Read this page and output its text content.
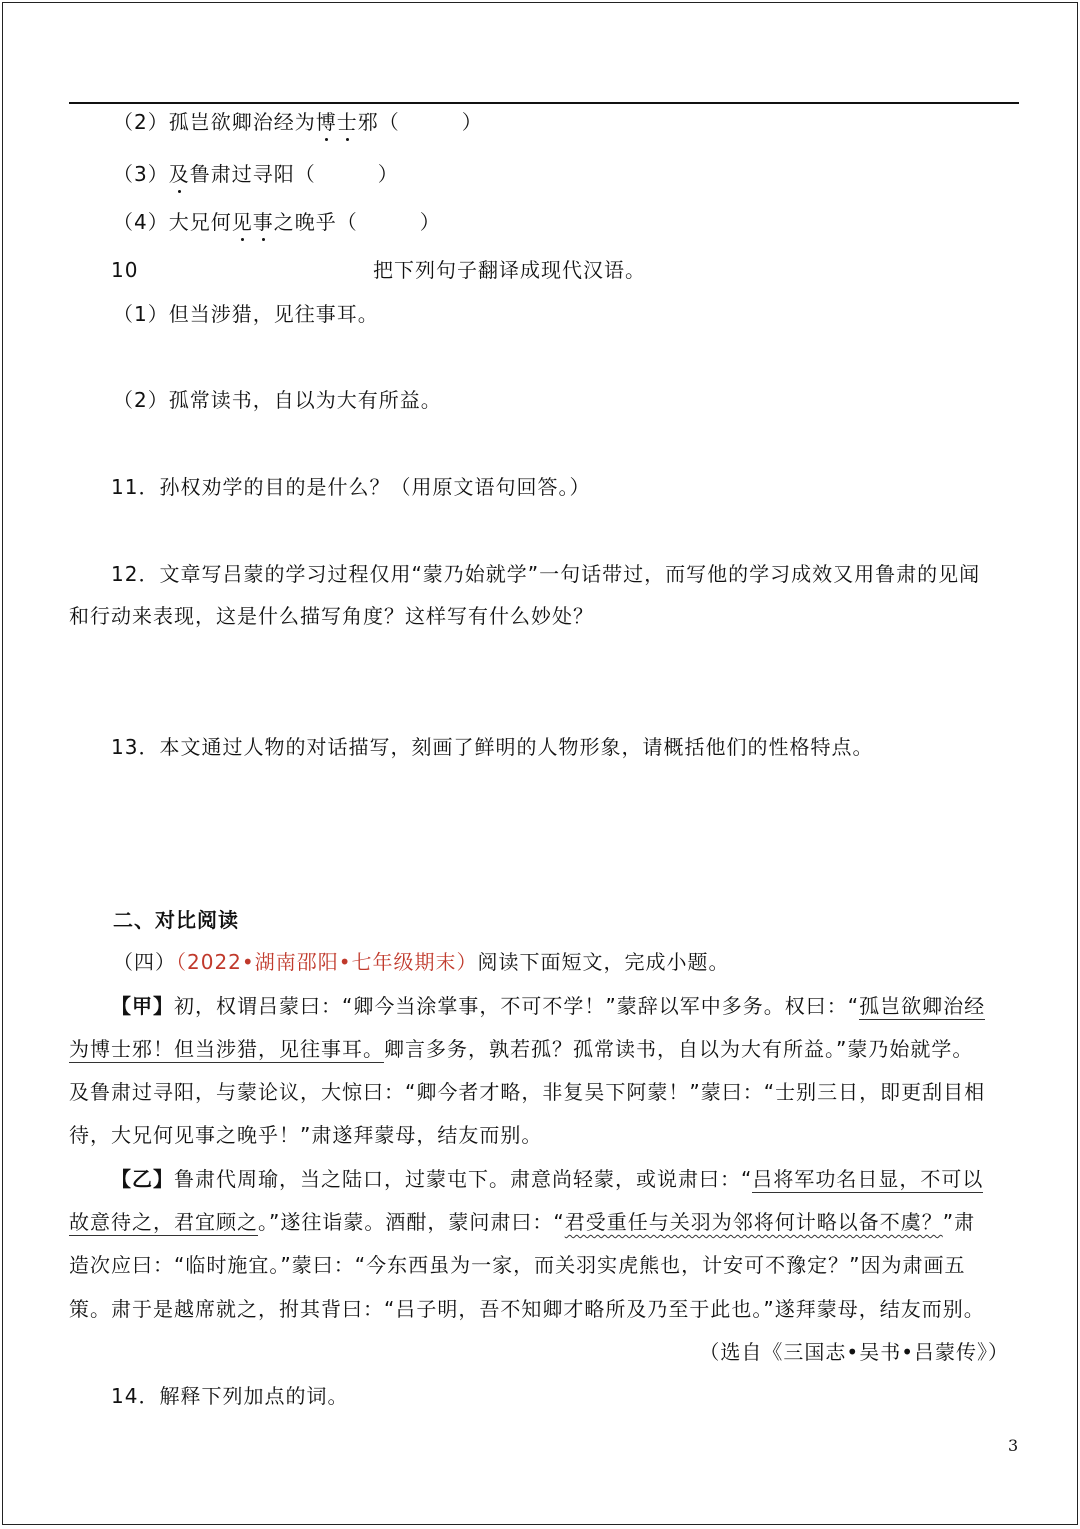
（2）孤岂欲卿治经为博士邪（	）
（3）及鲁肃过寻阳（	）
（4）大兄何见事之晚乎（	）
10	把下列句子翻译成现代汉语。
（1）但当涉猎，见往事耳。
（2）孤常读书，自以为大有所益。
11．孙权劝学的目的是什么？（用原文语句回答。）
12．文章写吕蒙的学习过程仅用“蒙乃始就学”一句话带过，而写他的学习成效又用鲁肃的见闻
和行动来表现，这是什么描写角度？这样写有什么妙处？
13．本文通过人物的对话描写，刻画了鲜明的人物形象，请概括他们的性格特点。
二、对比阅读
（四）（2022•湖南邵阳•七年级期末）阅读下面短文，完成小题。
【甲】初，权谓吕蒙曰：“卿今当涂掌事，不可不学！”蒙辞以军中多务。权曰：“孤岂欲卿治经
为博士邪！但当涉猎，见往事耳。卿言多务，孰若孤？孤常读书，自以为大有所益。”蒙乃始就学。
及鲁肃过寻阳，与蒙论议，大惊曰：“卿今者才略，非复吴下阿蒙！”蒙曰：“士别三日，即更刮目相
待，大兄何见事之晚乎！”肃遂拜蒙母，结友而别。
【乙】鲁肃代周瑜，当之陆口，过蒙屯下。肃意尚轻蒙，或说肃曰：“吕将军功名日显，不可以
故意待之，君宜顾之。”遂往诣蒙。酒酣，蒙问肃曰：“君受重任与关羽为邻将何计略以备不虞？”肃
造次应曰：“临时施宜。”蒙曰：“今东西虽为一家，而关羽实虎熊也，计安可不豫定？”因为肃画五
策。肃于是越席就之，拊其背曰：“吕子明，吾不知卿才略所及乃至于此也。”遂拜蒙母，结友而别。
（选自《三国志•吴书•吕蒙传》）
14．解释下列加点的词。
3
